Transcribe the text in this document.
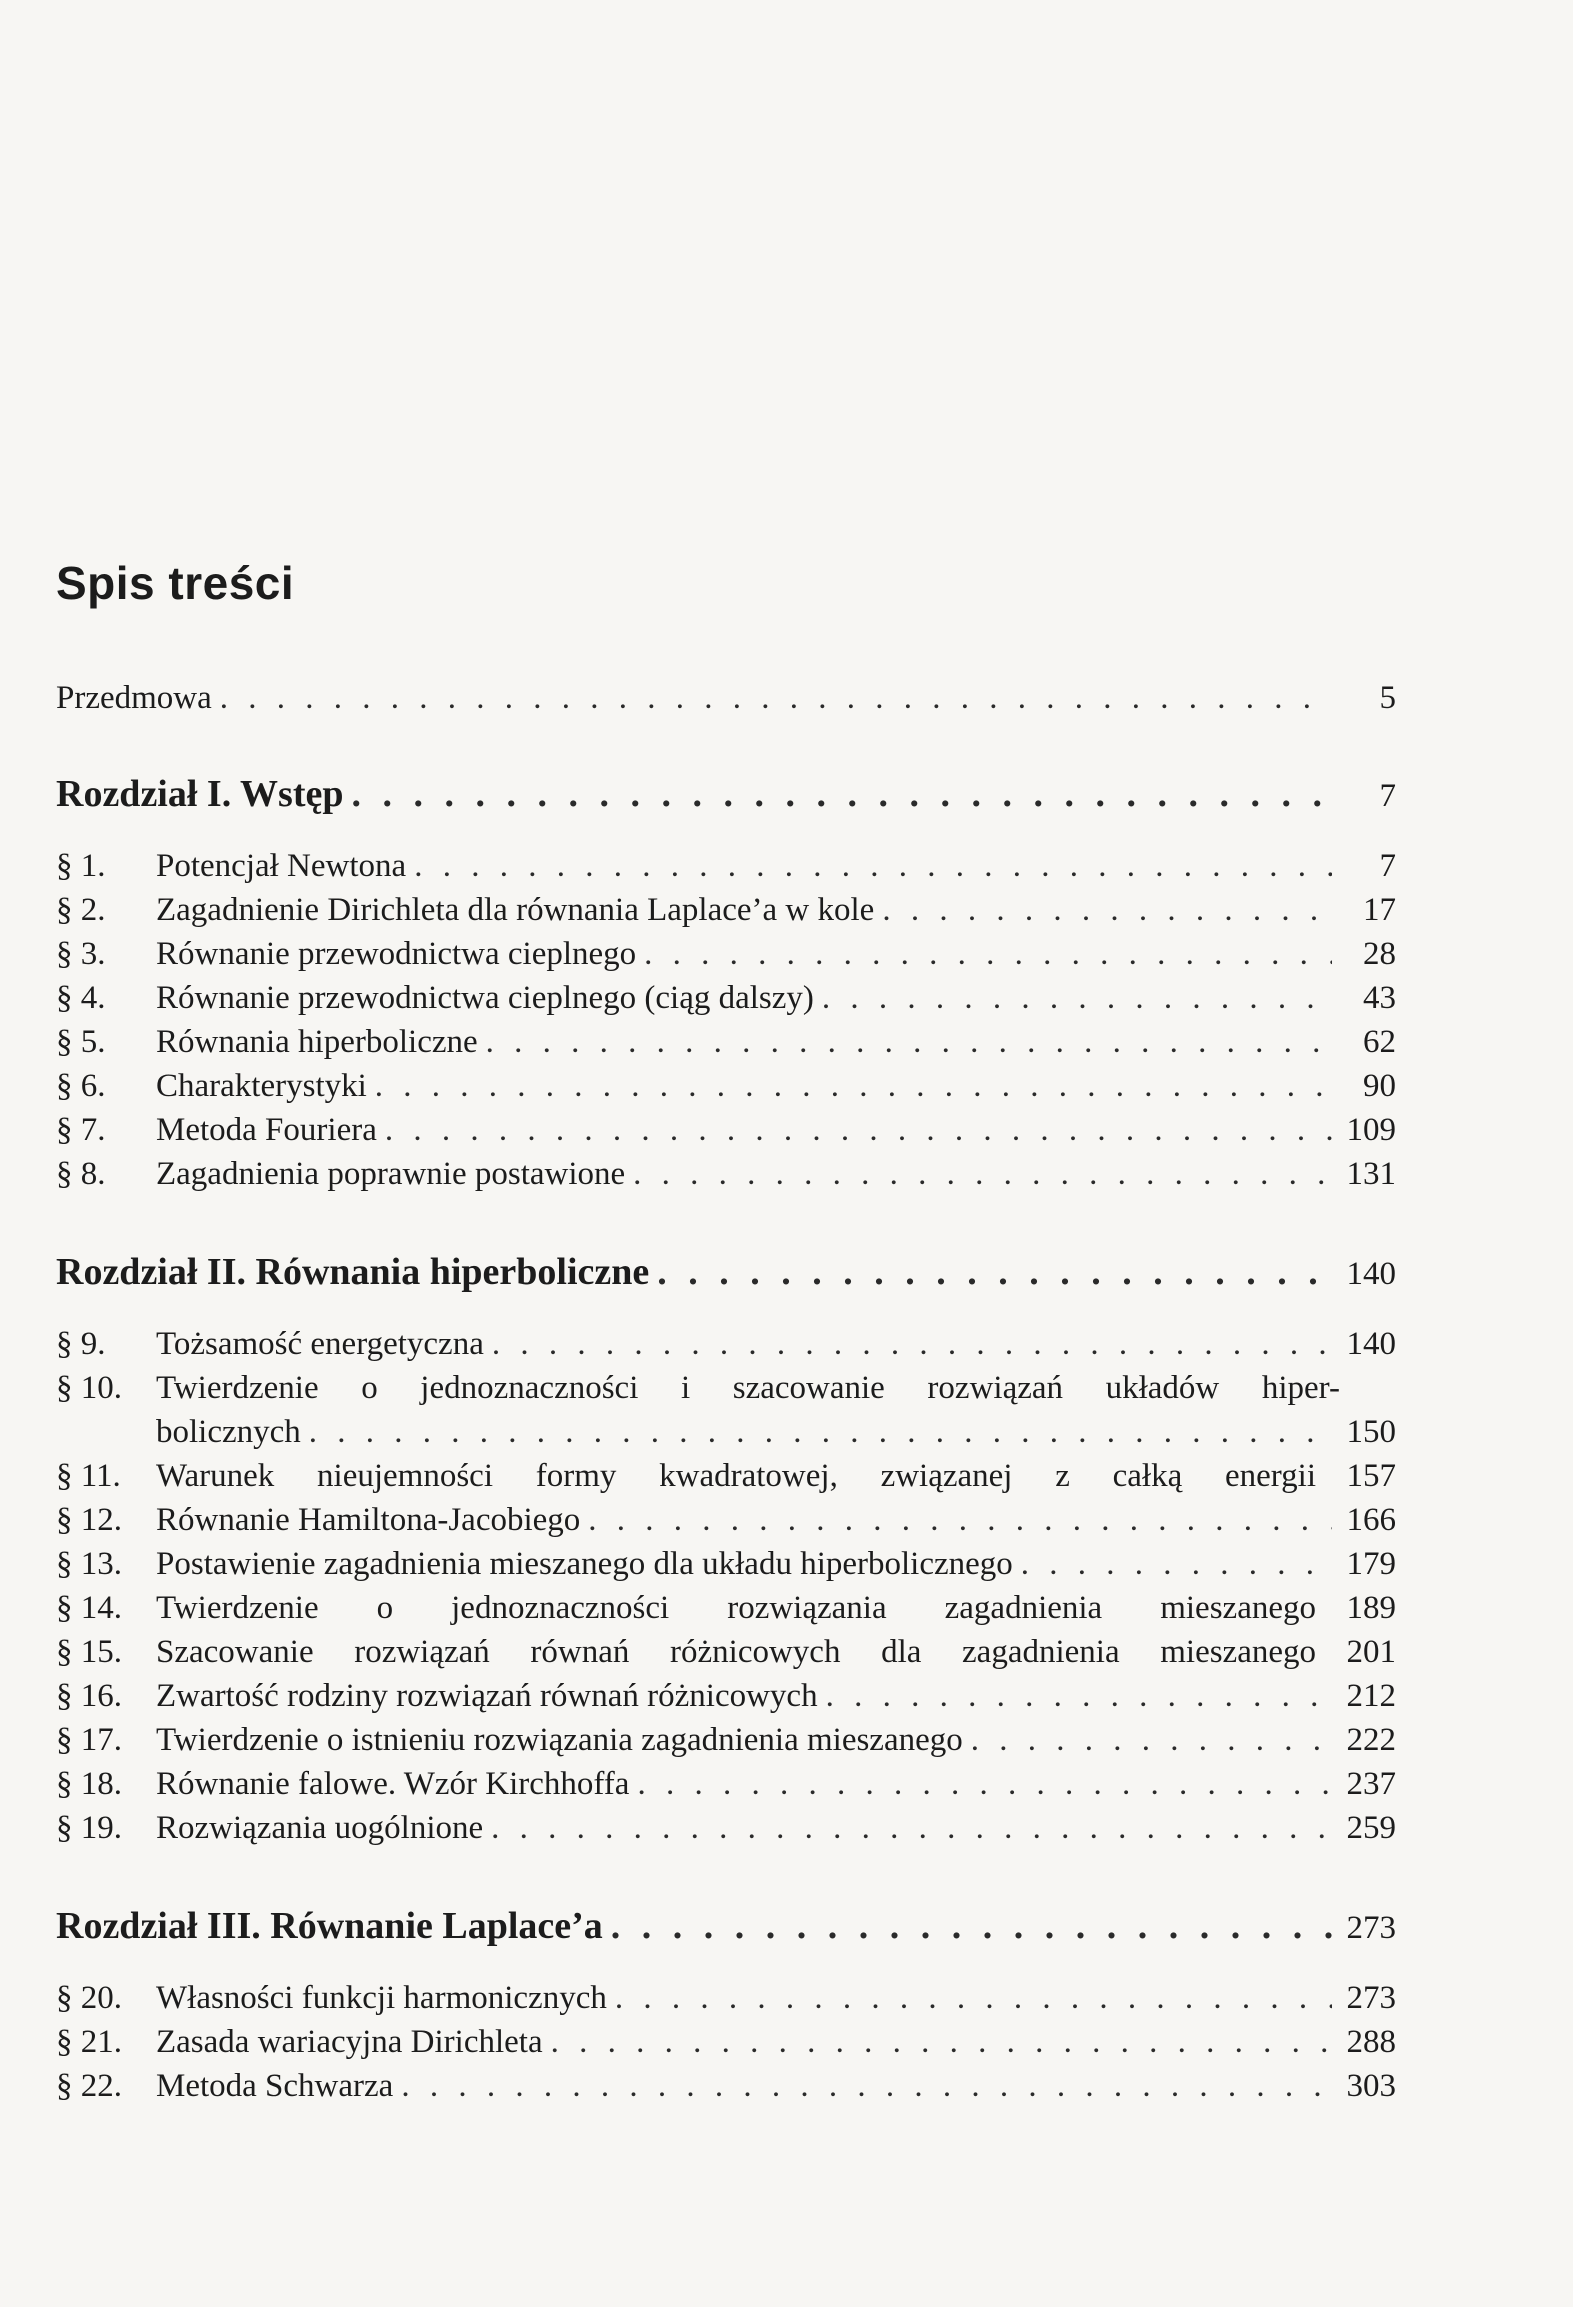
Spis treści
Przedmowa . . .	5
Rozdział I. Wstęp . . .	7
§ 1.	Potencjał Newtona . . .	7
§ 2.	Zagadnienie Dirichleta dla równania Laplace’a w kole . . .	17
§ 3.	Równanie przewodnictwa cieplnego . . .	28
§ 4.	Równanie przewodnictwa cieplnego (ciąg dalszy) . . .	43
§ 5.	Równania hiperboliczne . . .	62
§ 6.	Charakterystyki . . .	90
§ 7.	Metoda Fouriera . . .	109
§ 8.	Zagadnienia poprawnie postawione . . .	131
Rozdział II. Równania hiperboliczne . . .	140
§ 9.	Tożsamość energetyczna . . .	140
§ 10.	Twierdzenie o jednoznaczności i szacowanie rozwiązań układów hiper-
bolicznych . . .	150
§ 11.	Warunek nieujemności formy kwadratowej, związanej z całką energii 157
§ 12.	Równanie Hamiltona-Jacobiego . . .	166
§ 13.	Postawienie zagadnienia mieszanego dla układu hiperbolicznego . . .	179
§ 14.	Twierdzenie o jednoznaczności rozwiązania zagadnienia mieszanego 189
§ 15.	Szacowanie rozwiązań równań różnicowych dla zagadnienia mieszanego 201
§ 16.	Zwartość rodziny rozwiązań równań różnicowych . . .	212
§ 17.	Twierdzenie o istnieniu rozwiązania zagadnienia mieszanego . . .	222
§ 18.	Równanie falowe. Wzór Kirchhoffa . . .	237
§ 19.	Rozwiązania uogólnione . . .	259
Rozdział III. Równanie Laplace’a . . .	273
§ 20.	Własności funkcji harmonicznych . . .	273
§ 21.	Zasada wariacyjna Dirichleta . . .	288
§ 22.	Metoda Schwarza . . .	303
